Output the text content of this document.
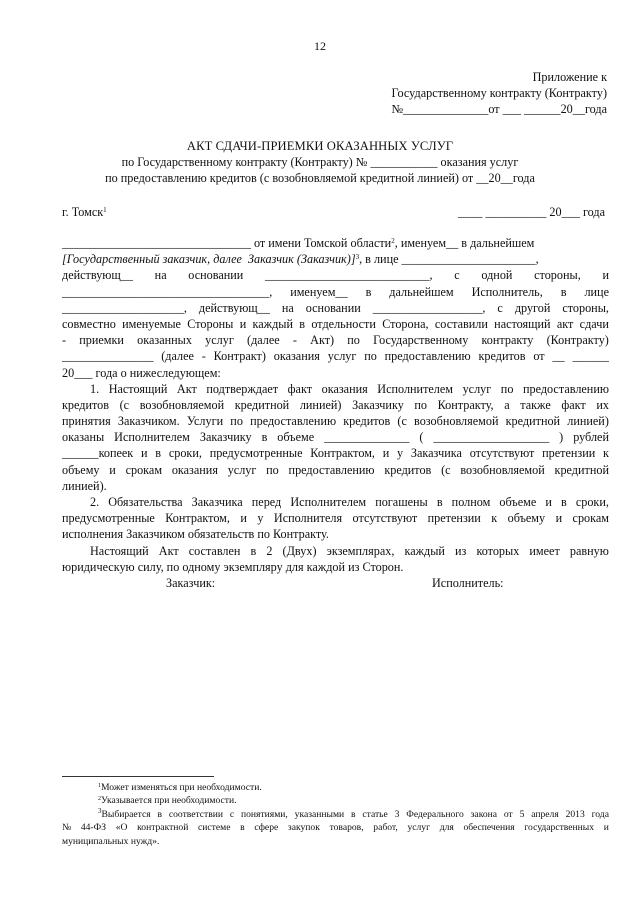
12
Приложение к
Государственному контракту (Контракту)
№______________от ___ ______20__года
АКТ СДАЧИ-ПРИЕМКИ ОКАЗАННЫХ УСЛУГ
по Государственному контракту (Контракту) № ___________ оказания услуг
по предоставлению кредитов (с возобновляемой кредитной линией) от __20__года
г. Томск$^1$	____ __________ 20___ года
_______________________________ от имени Томской области$^2$, именуем__ в дальнейшем
[Государственный заказчик, далее  Заказчик (Заказчик)]$^3$, в лице ______________________,
действующ__ на основании ___________________________, с одной стороны, и
__________________________________, именуем__ в дальнейшем Исполнитель, в лице
____________________, действующ__ на основании __________________, с другой стороны,
совместно именуемые Стороны и каждый в отдельности Сторона, составили настоящий акт сдачи
- приемки оказанных услуг (далее - Акт) по Государственному контракту (Контракту)
_______________ (далее - Контракт) оказания услуг по предоставлению кредитов от __ ______
20___ года о нижеследующем:
1. Настоящий Акт подтверждает факт оказания Исполнителем услуг по предоставлению
кредитов (с возобновляемой кредитной линией) Заказчику по Контракту, а также факт их
принятия Заказчиком. Услуги по предоставлению кредитов (с возобновляемой кредитной линией)
оказаны Исполнителем Заказчику в объеме ______________ ( ___________________ ) рублей
______копеек и в сроки, предусмотренные Контрактом, и у Заказчика отсутствуют претензии к
объему и срокам оказания услуг по предоставлению кредитов (с возобновляемой кредитной
линией).
2. Обязательства Заказчика перед Исполнителем погашены в полном объеме и в сроки,
предусмотренные Контрактом, и у Исполнителя отсутствуют претензии к объему и срокам
исполнения Заказчиком обязательств по Контракту.
Настоящий Акт составлен в 2 (Двух) экземплярах, каждый из которых имеет равную
юридическую силу, по одному экземпляру для каждой из Сторон.
Заказчик:	Исполнитель:
$^1$Может изменяться при необходимости.
$^2$Указывается при необходимости.
$^3$Выбирается в соответствии с понятиями, указанными в статье 3 Федерального закона от 5 апреля 2013 года
№ 44-ФЗ «О контрактной системе в сфере закупок товаров, работ, услуг для обеспечения государственных и
муниципальных нужд».
